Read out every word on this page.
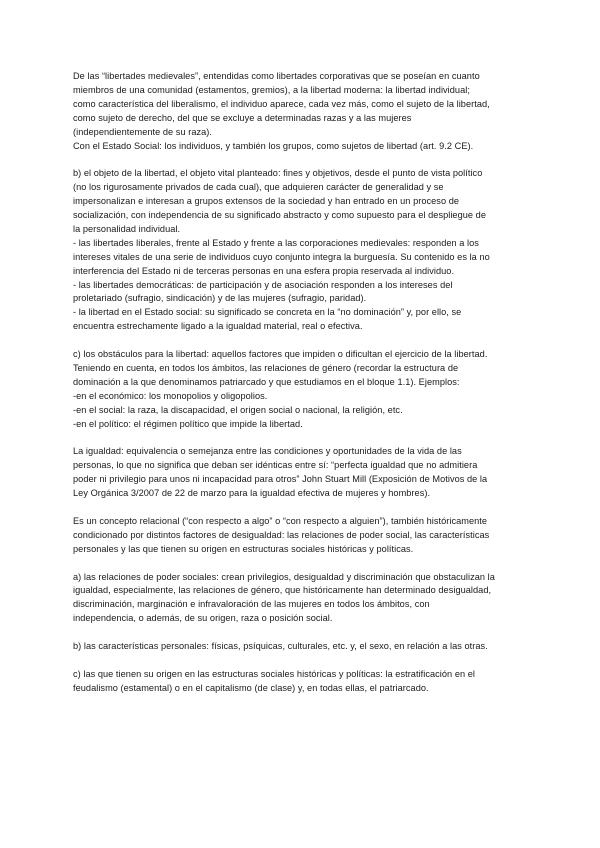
De las “libertades medievales”, entendidas como libertades corporativas que se poseían en cuanto
miembros de una comunidad (estamentos, gremios), a la libertad moderna: la libertad individual;
como característica del liberalismo, el individuo aparece, cada vez más, como el sujeto de la libertad,
como sujeto de derecho, del que se excluye a determinadas razas y a las mujeres
(independientemente de su raza).
Con el Estado Social: los individuos, y también los grupos, como sujetos de libertad (art. 9.2 CE).

b) el objeto de la libertad, el objeto vital planteado: fines y objetivos, desde el punto de vista político
(no los rigurosamente privados de cada cual), que adquieren carácter de generalidad y se
impersonalizan e interesan a grupos extensos de la sociedad y han entrado en un proceso de
socialización, con independencia de su significado abstracto y como supuesto para el despliegue de
la personalidad individual.
- las libertades liberales, frente al Estado y frente a las corporaciones medievales: responden a los
intereses vitales de una serie de individuos cuyo conjunto integra la burguesía. Su contenido es la no
interferencia del Estado ni de terceras personas en una esfera propia reservada al individuo.
- las libertades democráticas: de participación y de asociación responden a los intereses del
proletariado (sufragio, sindicación) y de las mujeres (sufragio, paridad).
- la libertad en el Estado social: su significado se concreta en la “no dominación” y, por ello, se
encuentra estrechamente ligado a la igualdad material, real o efectiva.

c) los obstáculos para la libertad: aquellos factores que impiden o dificultan el ejercicio de la libertad.
Teniendo en cuenta, en todos los ámbitos, las relaciones de género (recordar la estructura de
dominación a la que denominamos patriarcado y que estudiamos en el bloque 1.1). Ejemplos:
-en el económico: los monopolios y oligopolios.
-en el social: la raza, la discapacidad, el origen social o nacional, la religión, etc.
-en el político: el régimen político que impide la libertad.

La igualdad: equivalencia o semejanza entre las condiciones y oportunidades de la vida de las
personas, lo que no significa que deban ser idénticas entre sí: “perfecta igualdad que no admitiera
poder ni privilegio para unos ni incapacidad para otros” John Stuart Mill (Exposición de Motivos de la
Ley Orgánica 3/2007 de 22 de marzo para la igualdad efectiva de mujeres y hombres).

Es un concepto relacional (“con respecto a algo” o “con respecto a alguien”), también históricamente
condicionado por distintos factores de desigualdad: las relaciones de poder social, las características
personales y las que tienen su origen en estructuras sociales históricas y políticas.

a) las relaciones de poder sociales: crean privilegios, desigualdad y discriminación que obstaculizan la
igualdad, especialmente, las relaciones de género, que históricamente han determinado desigualdad,
discriminación, marginación e infravaloración de las mujeres en todos los ámbitos, con
independencia, o además, de su origen, raza o posición social.

b) las características personales: físicas, psíquicas, culturales, etc. y, el sexo, en relación a las otras.

c) las que tienen su origen en las estructuras sociales históricas y políticas: la estratificación en el
feudalismo (estamental) o en el capitalismo (de clase) y, en todas ellas, el patriarcado.
